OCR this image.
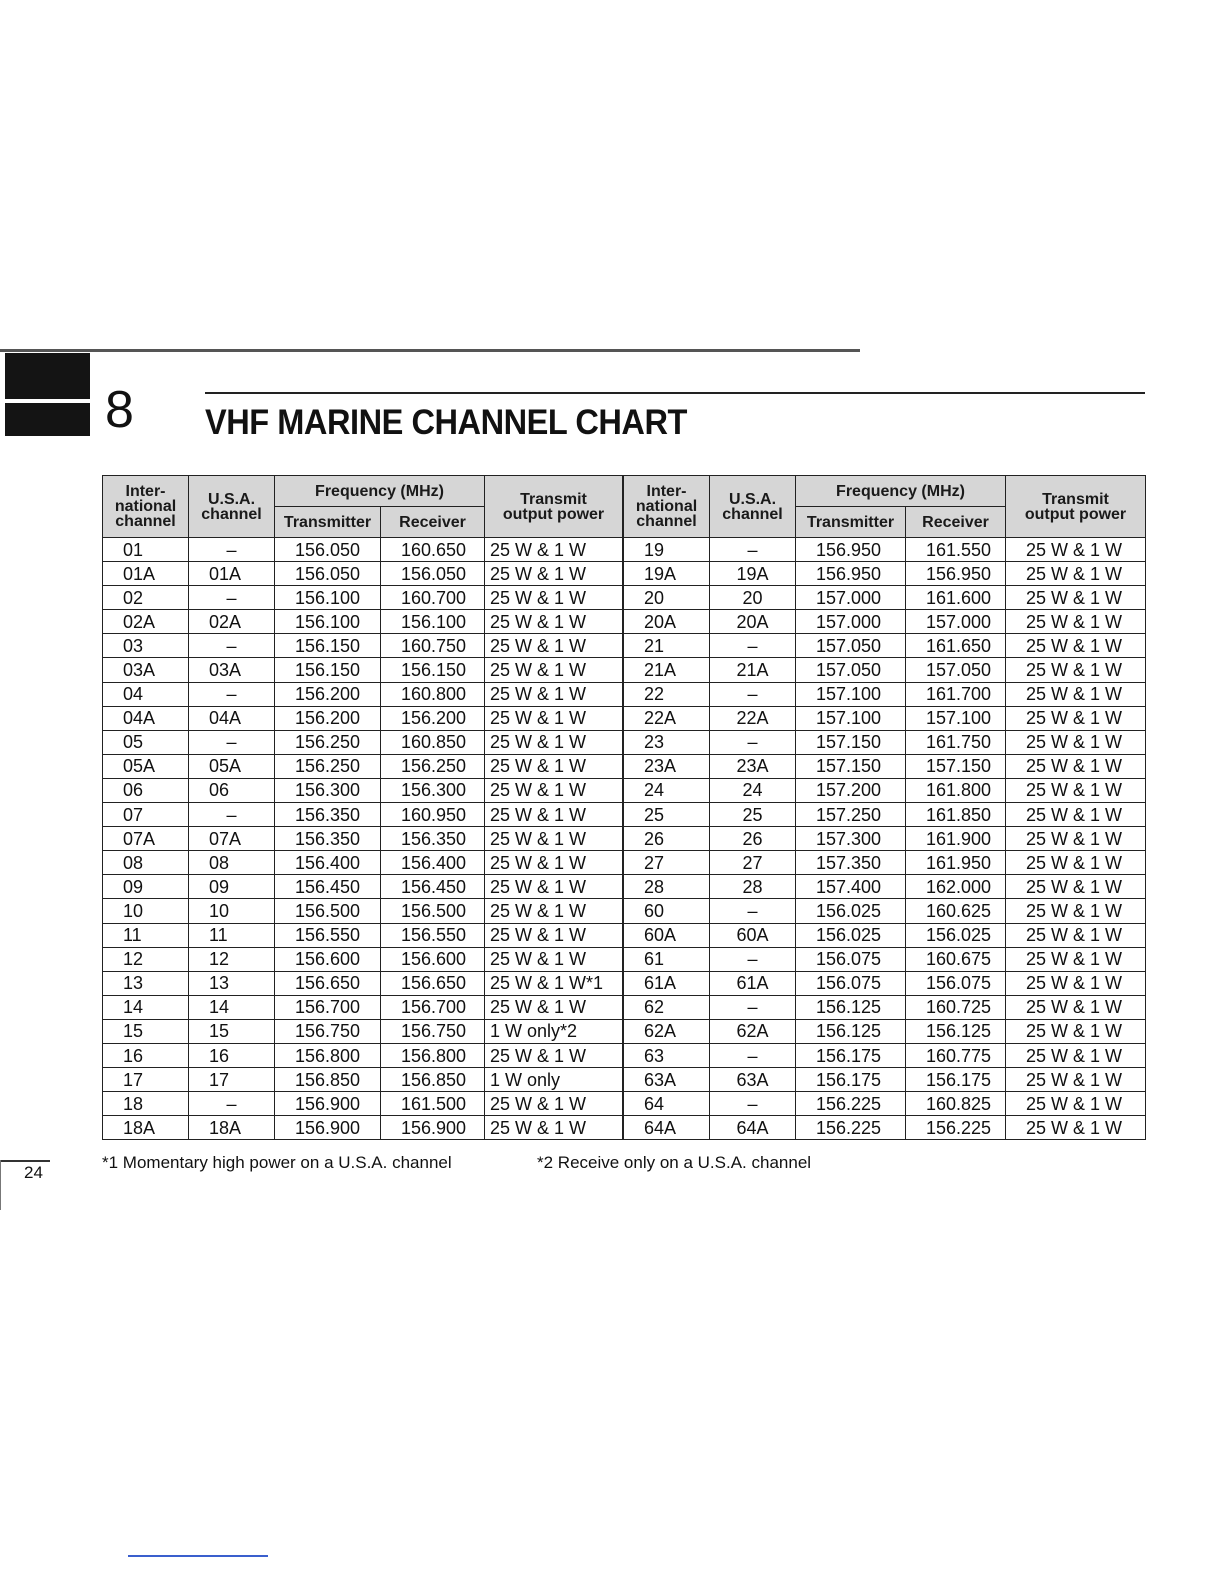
8 VHF MARINE CHANNEL CHART
Inter-
national
channel	U.S.A.
channel	Frequency (MHz)		Transmit
output power
		Transmitter	Receiver	
01	–	156.050	160.650	25 W & 1 W
01A	01A	156.050	156.050	25 W & 1 W
02	–	156.100	160.700	25 W & 1 W
02A	02A	156.100	156.100	25 W & 1 W
03	–	156.150	160.750	25 W & 1 W
03A	03A	156.150	156.150	25 W & 1 W
04	–	156.200	160.800	25 W & 1 W
04A	04A	156.200	156.200	25 W & 1 W
05	–	156.250	160.850	25 W & 1 W
05A	05A	156.250	156.250	25 W & 1 W
06	06	156.300	156.300	25 W & 1 W
07	–	156.350	160.950	25 W & 1 W
07A	07A	156.350	156.350	25 W & 1 W
08	08	156.400	156.400	25 W & 1 W
09	09	156.450	156.450	25 W & 1 W
10	10	156.500	156.500	25 W & 1 W
11	11	156.550	156.550	25 W & 1 W
12	12	156.600	156.600	25 W & 1 W
13	13	156.650	156.650	25 W & 1 W*1
14	14	156.700	156.700	25 W & 1 W
15	15	156.750	156.750	1 W only*2
16	16	156.800	156.800	25 W & 1 W
17	17	156.850	156.850	1 W only
18	–	156.900	161.500	25 W & 1 W
18A	18A	156.900	156.900	25 W & 1 W
Inter-
national
channel	U.S.A.
channel	Frequency (MHz)		Transmit
output power
		Transmitter	Receiver	
19	–	156.950	161.550	25 W & 1 W
19A	19A	156.950	156.950	25 W & 1 W
20	20	157.000	161.600	25 W & 1 W
20A	20A	157.000	157.000	25 W & 1 W
21	–	157.050	161.650	25 W & 1 W
21A	21A	157.050	157.050	25 W & 1 W
22	–	157.100	161.700	25 W & 1 W
22A	22A	157.100	157.100	25 W & 1 W
23	–	157.150	161.750	25 W & 1 W
23A	23A	157.150	157.150	25 W & 1 W
24	24	157.200	161.800	25 W & 1 W
25	25	157.250	161.850	25 W & 1 W
26	26	157.300	161.900	25 W & 1 W
27	27	157.350	161.950	25 W & 1 W
28	28	157.400	162.000	25 W & 1 W
60	–	156.025	160.625	25 W & 1 W
60A	60A	156.025	156.025	25 W & 1 W
61	–	156.075	160.675	25 W & 1 W
61A	61A	156.075	156.075	25 W & 1 W
62	–	156.125	160.725	25 W & 1 W
62A	62A	156.125	156.125	25 W & 1 W
63	–	156.175	160.775	25 W & 1 W
63A	63A	156.175	156.175	25 W & 1 W
64	–	156.225	160.825	25 W & 1 W
64A	64A	156.225	156.225	25 W & 1 W
*1 Momentary high power on a U.S.A. channel	*2 Receive only on a U.S.A. channel
24
